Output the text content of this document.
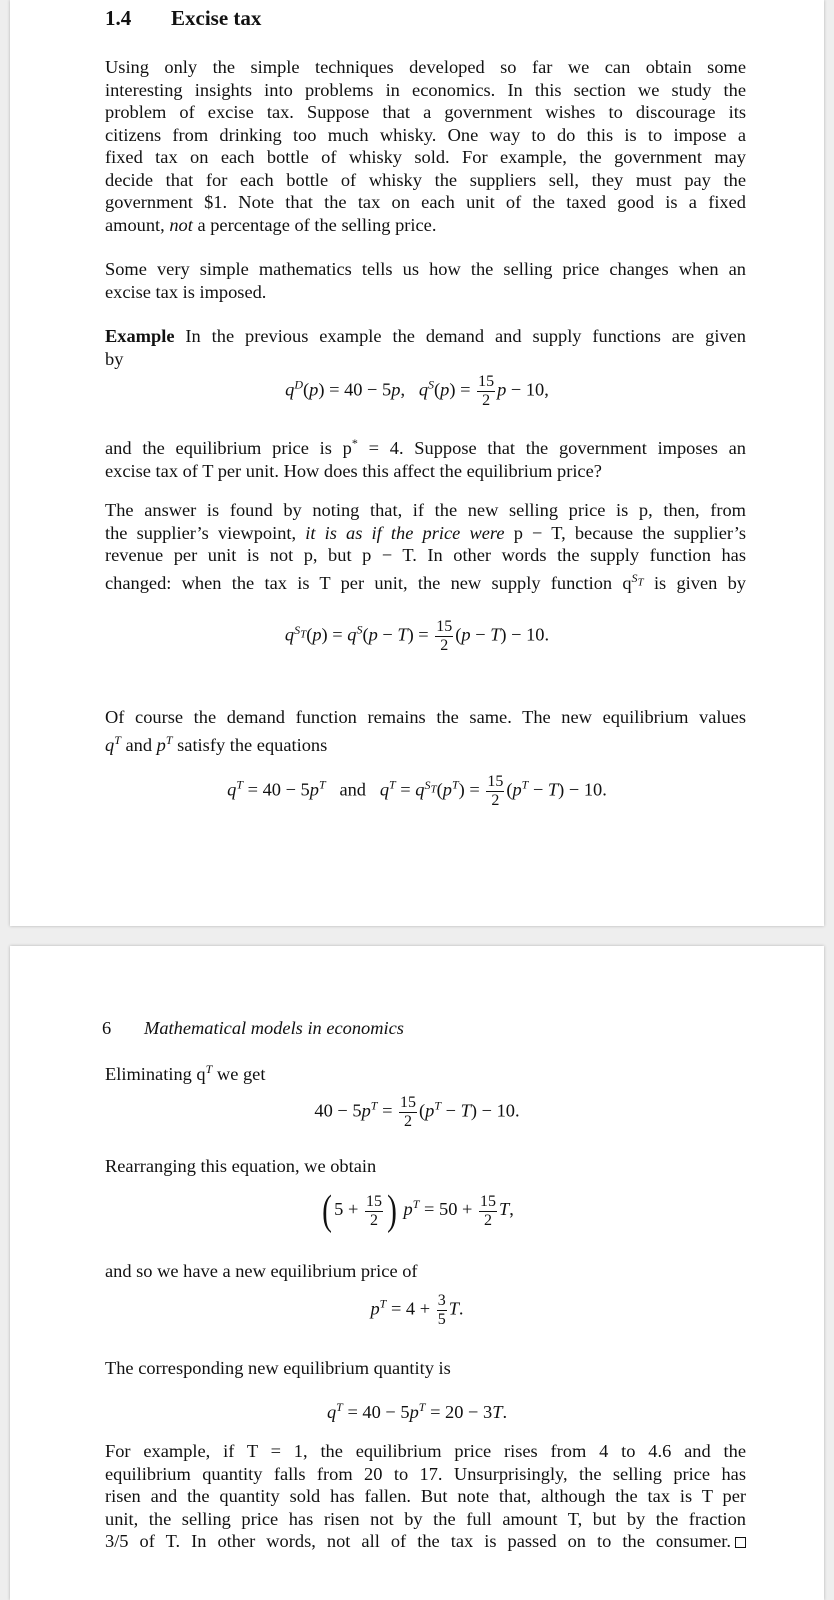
1.4 Excise tax
Using only the simple techniques developed so far we can obtain some
interesting insights into problems in economics. In this section we study the
problem of excise tax. Suppose that a government wishes to discourage its
citizens from drinking too much whisky. One way to do this is to impose a
fixed tax on each bottle of whisky sold. For example, the government may
decide that for each bottle of whisky the suppliers sell, they must pay the
government $1. Note that the tax on each unit of the taxed good is a fixed
amount, not a percentage of the selling price.
Some very simple mathematics tells us how the selling price changes when an
excise tax is imposed.
Example In the previous example the demand and supply functions are given
by
$q^D(p) = 40 - 5p$,   $q^S(p) = \frac{15}{2}$ p − 10,
and the equilibrium price is p* = 4. Suppose that the government imposes an
excise tax of T per unit. How does this affect the equilibrium price?
The answer is found by noting that, if the new selling price is p, then, from
the supplier’s viewpoint, it is as if the price were p − T, because the supplier’s
revenue per unit is not p, but p − T. In other words the supply function has
changed: when the tax is T per unit, the new supply function $q^{S_T}$ is given by
$q^{S_T}(p) = q^S(p - T) = \frac{15}{2} (p - T) - 10$.
Of course the demand function remains the same. The new equilibrium values
$q^T$ and $p^T$ satisfy the equations
$q^T = 40 - 5p^T$ and $q^T = q^{S_T}(p^T) = \frac{15}{2} (p^T - T) - 10$.
6 Mathematical models in economics
Eliminating $q^T$ we get
$40 - 5p^T = \frac{15}{2} (p^T - T) - 10$.
Rearranging this equation, we obtain
( $5 + \frac{15}{2}$ ) $p^T = 50 + \frac{15}{2} T$,
and so we have a new equilibrium price of
$p^T = 4 + \frac{3}{5} T$.
The corresponding new equilibrium quantity is
$q^T = 40 - 5p^T = 20 - 3T$.
For example, if T = 1, the equilibrium price rises from 4 to 4.6 and the
equilibrium quantity falls from 20 to 17. Unsurprisingly, the selling price has
risen and the quantity sold has fallen. But note that, although the tax is T per
unit, the selling price has risen not by the full amount T, but by the fraction
3/5 of T. In other words, not all of the tax is passed on to the consumer.
